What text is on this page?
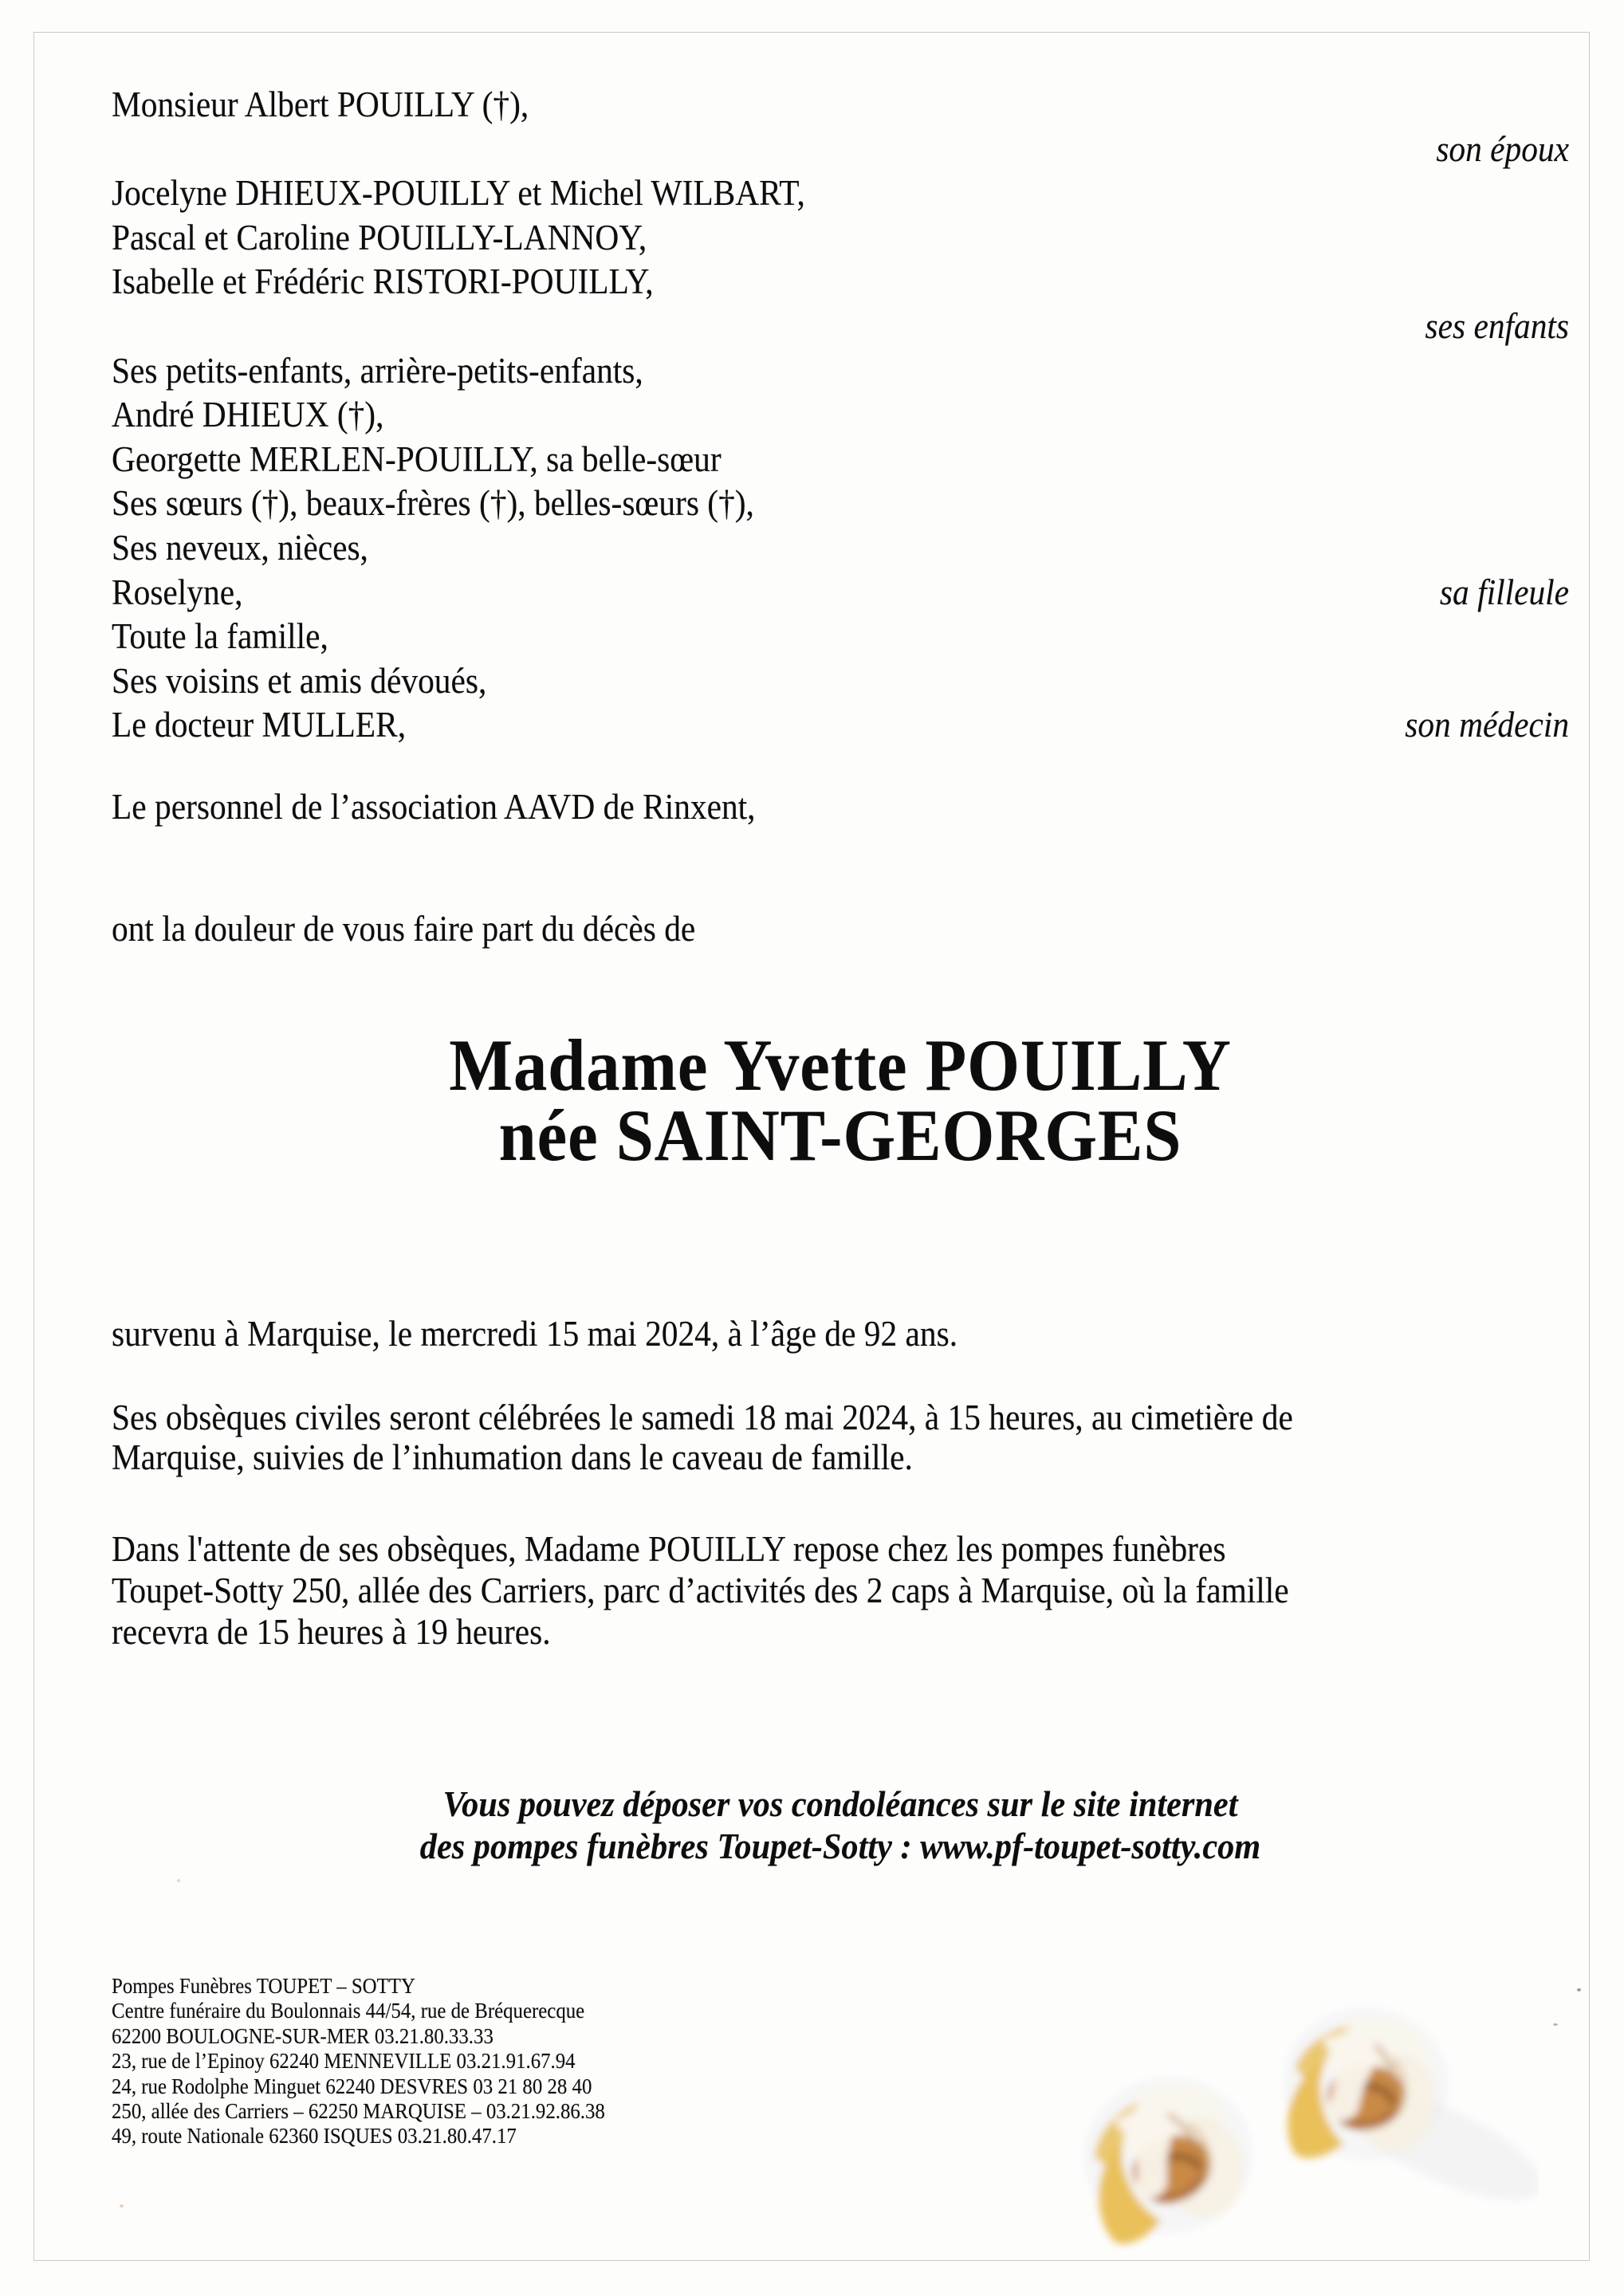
Monsieur Albert POUILLY (†),
son époux
Jocelyne DHIEUX-POUILLY et Michel WILBART,
Pascal et Caroline POUILLY-LANNOY,
Isabelle et Frédéric RISTORI-POUILLY,
ses enfants
Ses petits-enfants, arrière-petits-enfants,
André DHIEUX (†),
Georgette MERLEN-POUILLY, sa belle-sœur
Ses sœurs (†), beaux-frères (†), belles-sœurs (†),
Ses neveux, nièces,
Roselyne,	sa filleule
Toute la famille,
Ses voisins et amis dévoués,
Le docteur MULLER,	son médecin
Le personnel de l’association AAVD de Rinxent,
ont la douleur de vous faire part du décès de
Madame Yvette POUILLY
née SAINT-GEORGES
survenu à Marquise, le mercredi 15 mai 2024, à l’âge de 92 ans.
Ses obsèques civiles seront célébrées le samedi 18 mai 2024, à 15 heures, au cimetière de
Marquise, suivies de l’inhumation dans le caveau de famille.
Dans l'attente de ses obsèques, Madame POUILLY repose chez les pompes funèbres
Toupet-Sotty 250, allée des Carriers, parc d’activités des 2 caps à Marquise, où la famille
recevra de 15 heures à 19 heures.
Vous pouvez déposer vos condoléances sur le site internet
des pompes funèbres Toupet-Sotty : www.pf-toupet-sotty.com
Pompes Funèbres TOUPET – SOTTY
Centre funéraire du Boulonnais 44/54, rue de Bréquerecque
62200 BOULOGNE-SUR-MER 03.21.80.33.33
23, rue de l’Epinoy 62240 MENNEVILLE 03.21.91.67.94
24, rue Rodolphe Minguet 62240 DESVRES 03 21 80 28 40
250, allée des Carriers – 62250 MARQUISE – 03.21.92.86.38
49, route Nationale 62360 ISQUES 03.21.80.47.17
